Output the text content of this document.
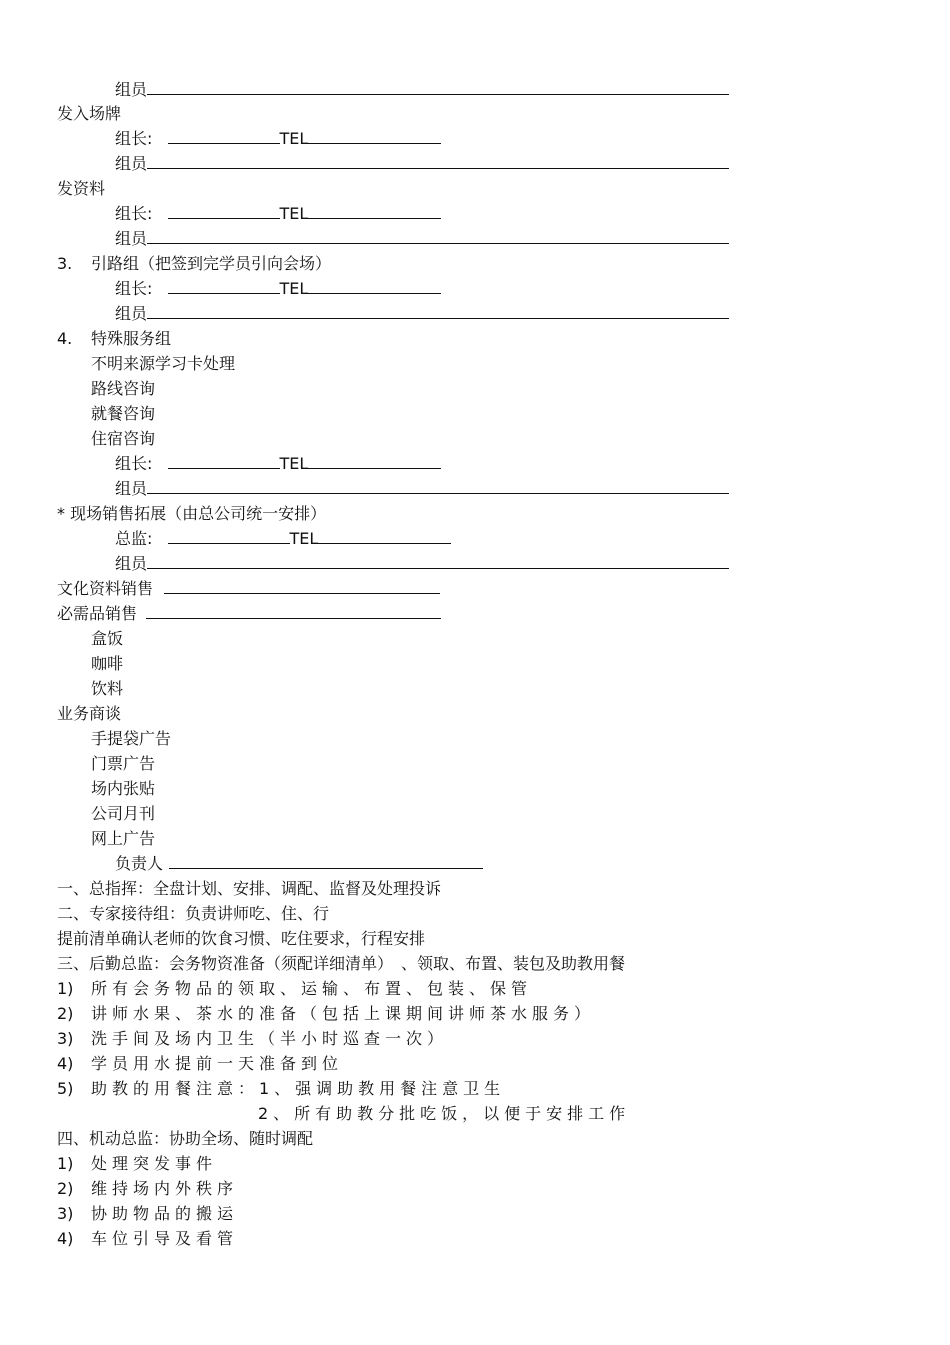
组员
发入场牌
组长:	TEL
组员
发资料
组长:	TEL
组员
3. 引路组（把签到完学员引向会场）
组长:	TEL
组员
4. 特殊服务组
不明来源学习卡处理
路线咨询
就餐咨询
住宿咨询
组长:	TEL
组员
* 现场销售拓展（由总公司统一安排）
总监:	TEL
组员
文化资料销售
必需品销售
盒饭
咖啡
饮料
业务商谈
手提袋广告
门票广告
场内张贴
公司月刊
网上广告
负责人
一、总指挥：全盘计划、安排、调配、监督及处理投诉
二、专家接待组：负责讲师吃、住、行
提前清单确认老师的饮食习惯、吃住要求，行程安排
三、后勤总监：会务物资准备（须配详细清单）　、领取、布置、装包及助教用餐
1) 所有会务物品的领取、运输、布置、包装、保管
2) 讲师水果、茶水的准备（包括上课期间讲师茶水服务）
3) 洗手间及场内卫生（半小时巡查一次）
4) 学员用水提前一天准备到位
5) 助教的用餐注意：1、强调助教用餐注意卫生
2、所有助教分批吃饭，以便于安排工作
四、机动总监：协助全场、随时调配
1) 处理突发事件
2) 维持场内外秩序
3) 协助物品的搬运
4) 车位引导及看管
